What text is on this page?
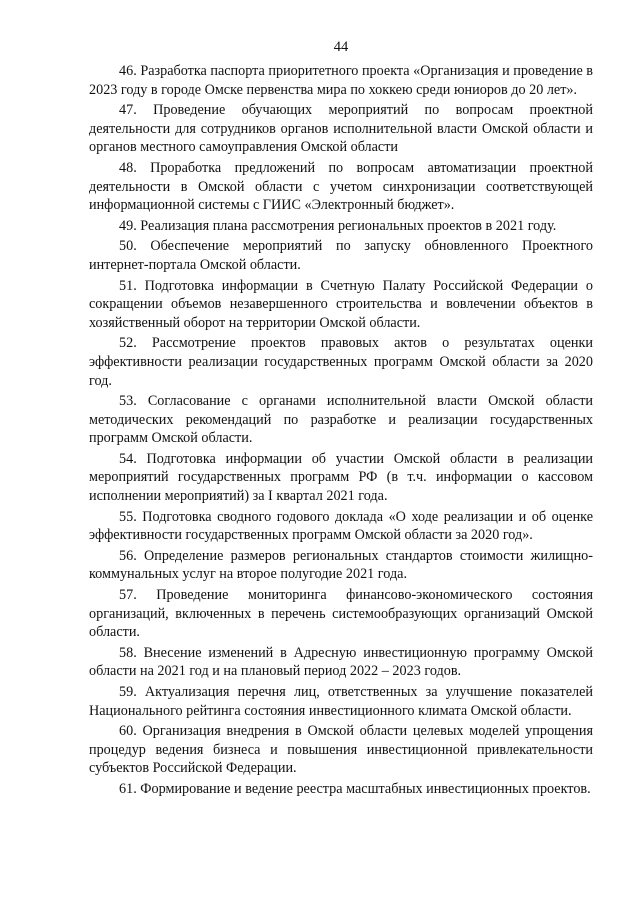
44

46. Разработка паспорта приоритетного проекта «Организация и проведение в 2023 году в городе Омске первенства мира по хоккею среди юниоров до 20 лет».

47. Проведение обучающих мероприятий по вопросам проектной деятельности для сотрудников органов исполнительной власти Омской области и органов местного самоуправления Омской области

48. Проработка предложений по вопросам автоматизации проектной деятельности в Омской области с учетом синхронизации соответствующей информационной системы с ГИИС «Электронный бюджет».

49. Реализация плана рассмотрения региональных проектов в 2021 году.

50. Обеспечение мероприятий по запуску обновленного Проектного интернет-портала Омской области.

51. Подготовка информации в Счетную Палату Российской Федерации о сокращении объемов незавершенного строительства и вовлечении объектов в хозяйственный оборот на территории Омской области.

52. Рассмотрение проектов правовых актов о результатах оценки эффективности реализации государственных программ Омской области за 2020 год.

53. Согласование с органами исполнительной власти Омской области методических рекомендаций по разработке и реализации государственных программ Омской области.

54. Подготовка информации об участии Омской области в реализации мероприятий государственных программ РФ (в т.ч. информации о кассовом исполнении мероприятий) за I квартал 2021 года.

55. Подготовка сводного годового доклада «О ходе реализации и об оценке эффективности государственных программ Омской области за 2020 год».

56. Определение размеров региональных стандартов стоимости жилищно-коммунальных услуг на второе полугодие 2021 года.

57. Проведение мониторинга финансово-экономического состояния организаций, включенных в перечень системообразующих организаций Омской области.

58. Внесение изменений в Адресную инвестиционную программу Омской области на 2021 год и на плановый период 2022 – 2023 годов.

59. Актуализация перечня лиц, ответственных за улучшение показателей Национального рейтинга состояния инвестиционного климата Омской области.

60. Организация внедрения в Омской области целевых моделей упрощения процедур ведения бизнеса и повышения инвестиционной привлекательности субъектов Российской Федерации.

61. Формирование и ведение реестра масштабных инвестиционных проектов.
